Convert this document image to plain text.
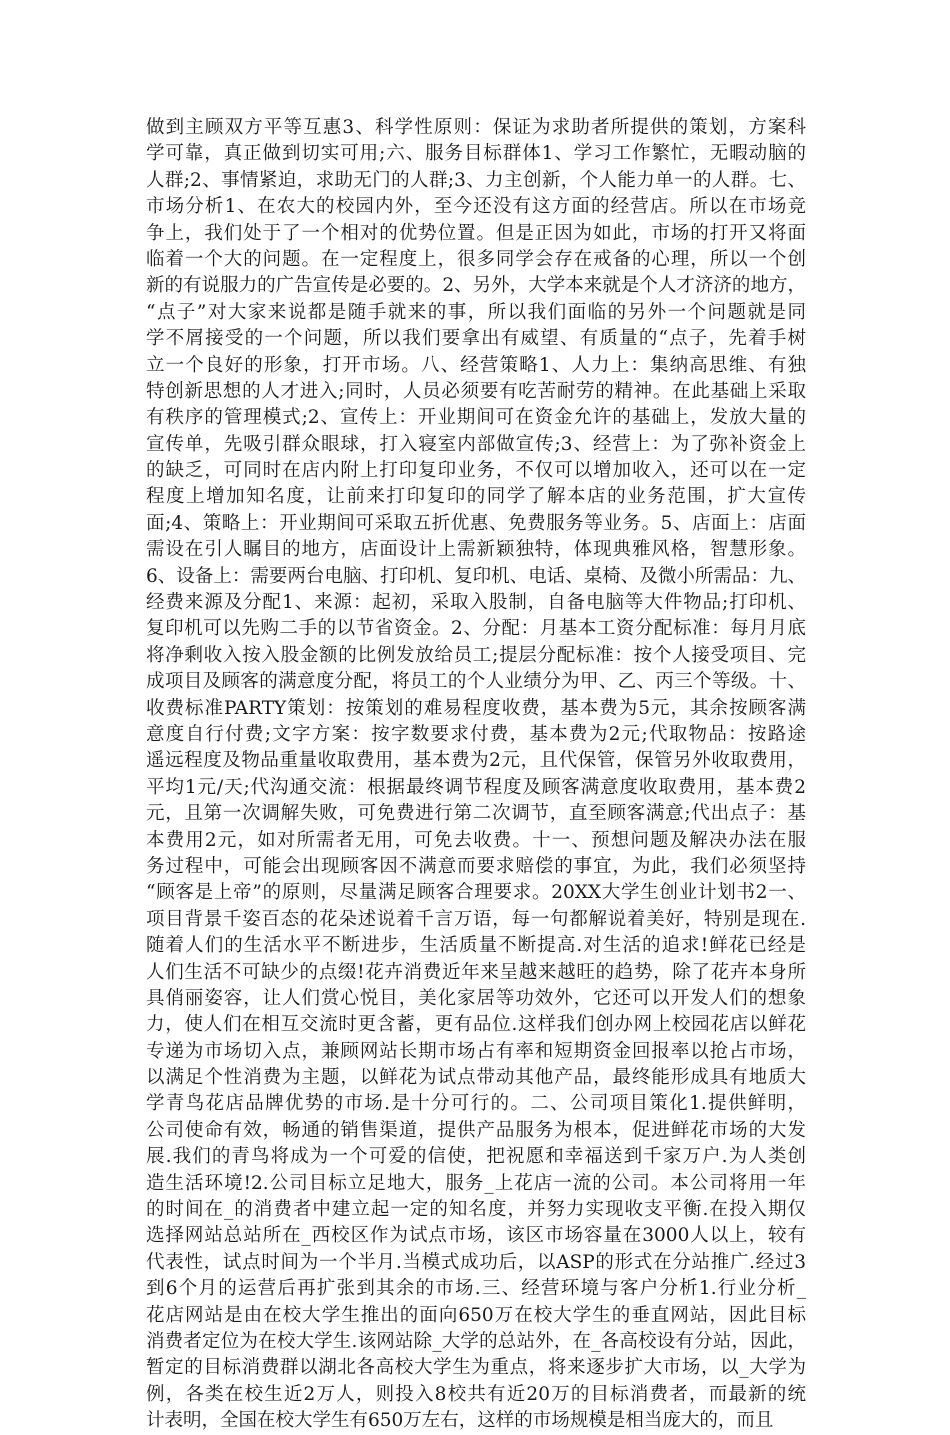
做到主顾双方平等互惠3、科学性原则：保证为求助者所提供的策划，方案科
学可靠，真正做到切实可用;六、服务目标群体1、学习工作繁忙，无暇动脑的
人群;2、事情紧迫，求助无门的人群;3、力主创新，个人能力单一的人群。七、
市场分析1、在农大的校园内外，至今还没有这方面的经营店。所以在市场竞
争上，我们处于了一个相对的优势位置。但是正因为如此，市场的打开又将面
临着一个大的问题。在一定程度上，很多同学会存在戒备的心理，所以一个创
新的有说服力的广告宣传是必要的。2、另外，大学本来就是个人才济济的地方，
“点子”对大家来说都是随手就来的事，所以我们面临的另外一个问题就是同
学不屑接受的一个问题，所以我们要拿出有威望、有质量的“点子，先着手树
立一个良好的形象，打开市场。八、经营策略1、人力上：集纳高思维、有独
特创新思想的人才进入;同时，人员必须要有吃苦耐劳的精神。在此基础上采取
有秩序的管理模式;2、宣传上：开业期间可在资金允许的基础上，发放大量的
宣传单，先吸引群众眼球，打入寝室内部做宣传;3、经营上：为了弥补资金上
的缺乏，可同时在店内附上打印复印业务，不仅可以增加收入，还可以在一定
程度上增加知名度，让前来打印复印的同学了解本店的业务范围，扩大宣传
面;4、策略上：开业期间可采取五折优惠、免费服务等业务。5、店面上：店面
需设在引人瞩目的地方，店面设计上需新颖独特，体现典雅风格，智慧形象。
6、设备上：需要两台电脑、打印机、复印机、电话、桌椅、及微小所需品：九、
经费来源及分配1、来源：起初，采取入股制，自备电脑等大件物品;打印机、
复印机可以先购二手的以节省资金。2、分配：月基本工资分配标准：每月月底
将净剩收入按入股金额的比例发放给员工;提层分配标准：按个人接受项目、完
成项目及顾客的满意度分配，将员工的个人业绩分为甲、乙、丙三个等级。十、
收费标准PARTY策划：按策划的难易程度收费，基本费为5元，其余按顾客满
意度自行付费;文字方案：按字数要求付费，基本费为2元;代取物品：按路途
遥远程度及物品重量收取费用，基本费为2元，且代保管，保管另外收取费用，
平均1元/天;代沟通交流：根据最终调节程度及顾客满意度收取费用，基本费2
元，且第一次调解失败，可免费进行第二次调节，直至顾客满意;代出点子：基
本费用2元，如对所需者无用，可免去收费。十一、预想问题及解决办法在服
务过程中，可能会出现顾客因不满意而要求赔偿的事宜，为此，我们必须坚持
“顾客是上帝”的原则，尽量满足顾客合理要求。20XX大学生创业计划书2一、
项目背景千姿百态的花朵述说着千言万语，每一句都解说着美好，特别是现在.
随着人们的生活水平不断进步，生活质量不断提高.对生活的追求!鲜花已经是
人们生活不可缺少的点缀!花卉消费近年来呈越来越旺的趋势，除了花卉本身所
具俏丽姿容，让人们赏心悦目，美化家居等功效外，它还可以开发人们的想象
力，使人们在相互交流时更含蓄，更有品位.这样我们创办网上校园花店以鲜花
专递为市场切入点，兼顾网站长期市场占有率和短期资金回报率以抢占市场，
以满足个性消费为主题，以鲜花为试点带动其他产品，最终能形成具有地质大
学青鸟花店品牌优势的市场.是十分可行的。二、公司项目策化1.提供鲜明，
公司使命有效，畅通的销售渠道，提供产品服务为根本，促进鲜花市场的大发
展.我们的青鸟将成为一个可爱的信使，把祝愿和幸福送到千家万户.为人类创
造生活环境!2.公司目标立足地大，服务_上花店一流的公司。本公司将用一年
的时间在_的消费者中建立起一定的知名度，并努力实现收支平衡.在投入期仅
选择网站总站所在_西校区作为试点市场，该区市场容量在3000人以上，较有
代表性，试点时间为一个半月.当模式成功后，以ASP的形式在分站推广.经过3
到6个月的运营后再扩张到其余的市场.三、经营环境与客户分析1.行业分析_
花店网站是由在校大学生推出的面向650万在校大学生的垂直网站，因此目标
消费者定位为在校大学生.该网站除_大学的总站外，在_各高校设有分站，因此，
暂定的目标消费群以湖北各高校大学生为重点，将来逐步扩大市场，以_大学为
例，各类在校生近2万人，则投入8校共有近20万的目标消费者，而最新的统
计表明，全国在校大学生有650万左右，这样的市场规模是相当庞大的，而且
